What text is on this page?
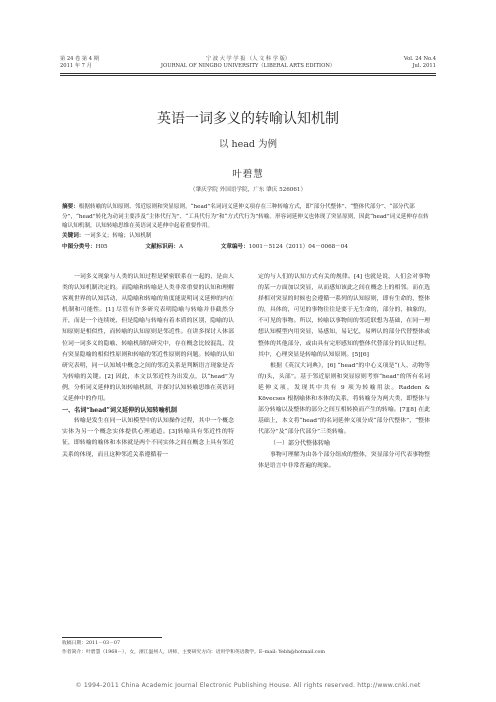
第 24 卷 第 4 期
2011 年 7 月
宁 波 大 学 学 报 （人 文 科 学 版）
JOURNAL OF NINGBO UNIVERSITY（LIBERAL ARTS EDITION）
Vol. 24 No.4
Jul. 2011
英语一词多义的转喻认知机制
以 head 为例
叶碧慧
（肇庆学院 外国语学院，广东 肇庆 526061）
摘要：根据转喻的认知原则、邻近原则和突显原则，“head”名词词义延伸义项存在三种转喻方式，即“部分代整体”、“整体代部分”、“部分代部分”，“head”转化为动词主要涉及“主体代行为”、“工具代行为”和“方式代行为”转喻。形容词延伸义也体现了突显原则，因此“head”词义延伸存在转喻认知机制，认知转喻思维在英语词义延伸中起着重要作用。
关键词：一词多义；转喻；认知机制
中图分类号：H05	文献标识码：A	文章编号：1001－5124（2011）04－0068－04

一词多义现象与人类的认知过程是紧密联系在一起的，是由人类的认知机制决定的。而隐喻和转喻是人类非常重要的认知和理解客观世界的认知活动，从隐喻和转喻的角度能说明词义延伸的内在机制和可能性。[1] 尽管有许多研究表明隐喻与转喻并非截然分开，而是一个连续统，但是隐喻与转喻有着本质的区别，隐喻的认知原则是相似性，而转喻的认知原则是邻近性。在讲多探讨人体部位词一词多义的隐喻、转喻机制的研究中，存在概念比较混乱、没有突显隐喻的相似性原则和转喻的邻近性原则的问题。转喻的认知研究表明，同一认知域中概念之间的邻近关系是判断语言现象是否为转喻的关键。[2] 因此，本文以邻近性为出发点，以“head”为例，分析词义延伸的认知转喻机制，并探讨认知转喻思维在英语词义延伸中的作用。

一、名词“head”词义延伸的认知转喻机制

转喻是发生在同一认知模型中的认知操作过程，其中一个概念实体为另一个概念实体提供心理通道。[3]转喻具有邻近性的特征，即转喻的喻体和本体就是两个不同实体之间在概念上具有邻近关系的体现，而且这种邻近关系遵循着一

定的与人们的认知方式有关的规律。[4] 也就是说，人们会对事物的某一方面加以突显，从而感知该此之间在概念上的相邻。而在选择相对突显的时候也会遵循一系列的认知原则，即有生命的，整体的，具体的，可见的事物往往是要于无生命的，部分的，抽象的，不可见的事物。所以，转喻以事物间的邻近联想为基础，在同一理想认知模型内用突显，易感知，易记忆，易辨认的部分代替整体或整体的其他部分，或由具有完形感知的整体代替部分的认知过程。其中，心理突显是转喻的认知原则。[5][6]

根据《英汉大词典》，[6] “head”的中心义项是“(人、动物等的)头，头部”。基于邻近原则和突显原则考察“head”的所有名词延伸义项，发现其中共有 9 项为转喻用法。Radden & Kövecses 根据喻体和本体的关系，将转喻分为两大类，即整体与部分转喻以及整体的部分之间互相转换而产生的转喻。[7][8] 在此基础上，本文将“head”的名词延伸义项分成“部分代整体”，“整体代部分”及“部分代部分”三类转喻。

（一）部分代整体转喻

事物可理解为由各个部分组成的整体，突显部分可代表事物整体是语言中非常普遍的现象。

收稿日期：2011－03－07
作者简介：叶碧慧（1968－），女，浙江温州人，讲师，主要研究方向：语用学和英语教学。E–mail: Yebh@hotmail.com
© 1994-2011 China Academic Journal Electronic Publishing House. All rights reserved. http://www.cnki.net
